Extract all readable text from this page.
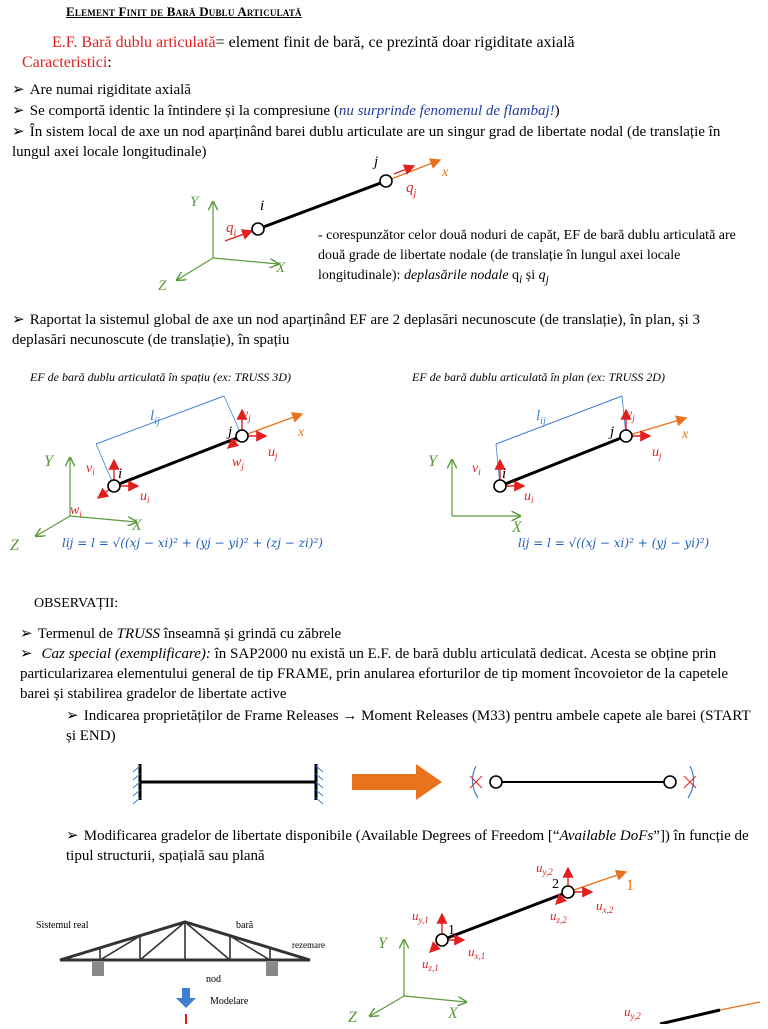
Element Finit de Bară Dublu Articulată
E.F. Bară dublu articulată= element finit de bară, ce prezintă doar rigiditate axială
Caracteristici:
➢ Are numai rigiditate axială
➢ Se comportă identic la întindere și la compresiune (nu surprinde fenomenul de flambaj!)
➢ În sistem local de axe un nod aparținând barei dublu articulate are un singur grad de libertate nodal (de translație în lungul axei locale longitudinale)
Y
X
Z
x
i
j
$q_i$
$q_j$
- corespunzător celor două noduri de capăt, EF de bară dublu articulată are două grade de libertate nodale (de translație în lungul axei locale longitudinale): deplasările nodale $q_i$ și $q_j$
➢ Raportat la sistemul global de axe un nod aparținând EF are 2 deplasări necunoscute (de translație), în plan, și 3 deplasări necunoscute (de translație), în spațiu
EF de bară dublu articulată în spațiu (ex: TRUSS 3D)	EF de bară dublu articulată în plan (ex: TRUSS 2D)
Y
X
Z
$l_{ij}$
x
i
j
$v_i$
$u_i$
$w_i$
$v_j$
$u_j$
$w_j$
lij = l = √((xj − xi)² + (yj − yi)² + (zj − zi)²)
Y
X
$l_{ij}$
x
i
j
$v_i$
$u_i$
$v_j$
$u_j$
lij = l = √((xj − xi)² + (yj − yi)²)
OBSERVAȚII:
➢ Termenul de TRUSS înseamnă și grindă cu zăbrele
➢  Caz special (exemplificare): în SAP2000 nu există un E.F. de bară dublu articulată dedicat. Acesta se obține prin particularizarea elementului general de tip FRAME, prin anularea eforturilor de tip moment încovoietor de la capetele barei și stabilirea gradelor de libertate active
➢ Indicarea proprietăților de Frame Releases → Moment Releases (M33) pentru ambele capete ale barei (START și END)
➢ Modificarea gradelor de libertate disponibile (Available Degrees of Freedom [“Available DoFs”]) în funcție de tipul structurii, spațială sau plană
Sistemul real	bară
rezemare
nod
Modelare
Y
X
Z
1
1
2
$u_{y,1}$
$u_{x,1}$
$u_{z,1}$
$u_{y,2}$
$u_{x,2}$
$u_{z,2}$
$u_{y,2}$
